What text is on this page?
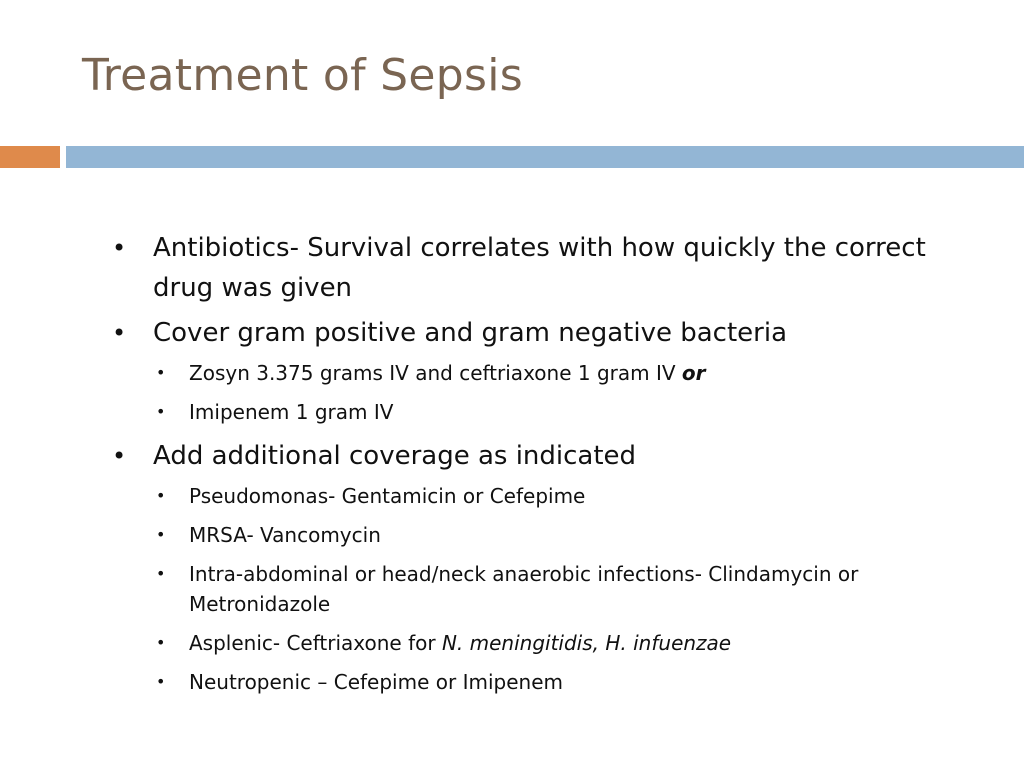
Treatment of Sepsis
• Antibiotics- Survival correlates with how quickly the correct drug was given
• Cover gram positive and gram negative bacteria
• Zosyn 3.375 grams IV and ceftriaxone 1 gram IV or
• Imipenem 1 gram IV
• Add additional coverage as indicated
• Pseudomonas- Gentamicin or Cefepime
• MRSA- Vancomycin
• Intra-abdominal or head/neck anaerobic infections- Clindamycin or Metronidazole
• Asplenic- Ceftriaxone for N. meningitidis, H. infuenzae
• Neutropenic – Cefepime or Imipenem
